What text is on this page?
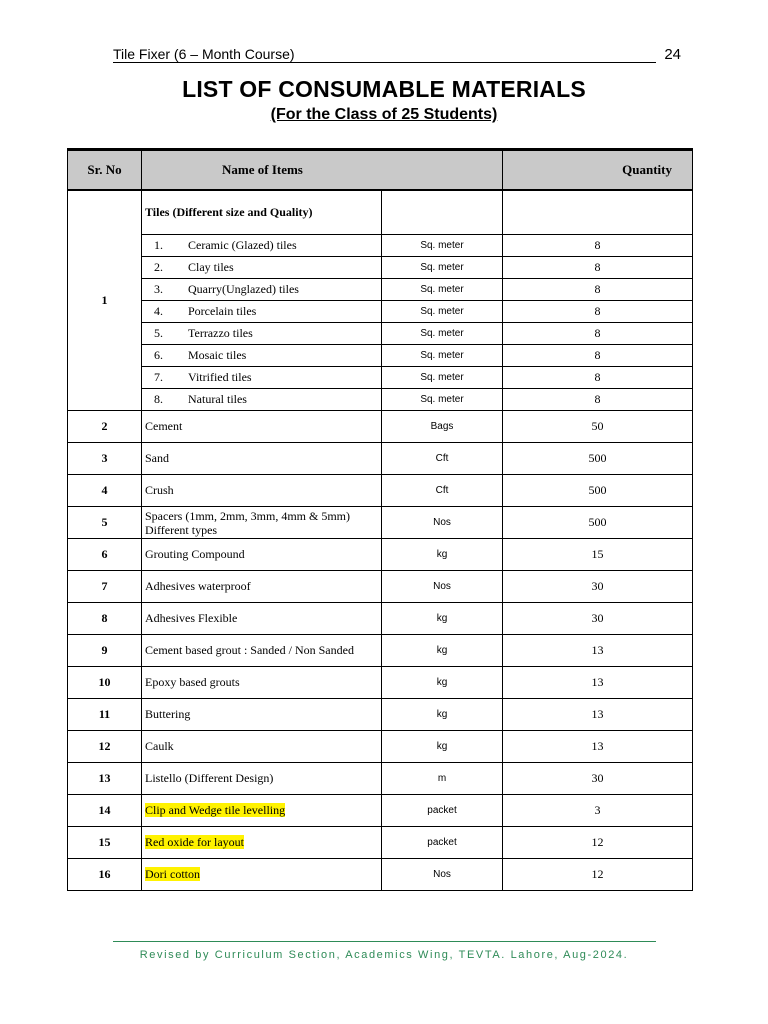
Tile Fixer (6 – Month Course)	24
LIST OF CONSUMABLE MATERIALS
(For the Class of 25 Students)
Sr. No	Name of Items		Quantity
1	Tiles (Different size and Quality)		
	1. Ceramic (Glazed) tiles	Sq. meter	8
	2. Clay tiles	Sq. meter	8
	3. Quarry(Unglazed) tiles	Sq. meter	8
	4. Porcelain tiles	Sq. meter	8
	5. Terrazzo tiles	Sq. meter	8
	6. Mosaic tiles	Sq. meter	8
	7. Vitrified tiles	Sq. meter	8
	8. Natural tiles	Sq. meter	8
2	Cement	Bags	50
3	Sand	Cft	500
4	Crush	Cft	500
5	Spacers (1mm, 2mm, 3mm, 4mm & 5mm)
Different types	Nos	500
6	Grouting Compound	kg	15
7	Adhesives waterproof	Nos	30
8	Adhesives Flexible	kg	30
9	Cement based grout : Sanded / Non Sanded	kg	13
10	Epoxy based grouts	kg	13
11	Buttering	kg	13
12	Caulk	kg	13
13	Listello (Different Design)	m	30
14	Clip and Wedge tile levelling	packet	3
15	Red oxide for layout	packet	12
16	Dori cotton	Nos	12
Revised by Curriculum Section, Academics Wing, TEVTA. Lahore, Aug-2024.
